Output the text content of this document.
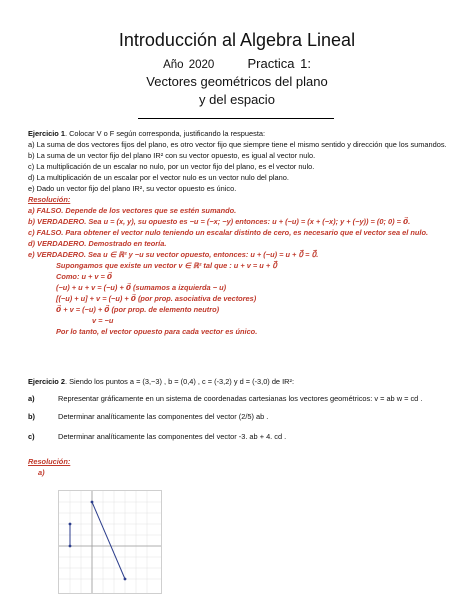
Introducción al Algebra Lineal
Año 2020	Practica 1:
Vectores geométricos del plano
y del espacio

Ejercicio 1. Colocar V o F según corresponda, justificando la respuesta:

a) La suma de dos vectores fijos del plano, es otro vector fijo que siempre tiene el mismo sentido y dirección que los sumandos.

b) La suma de un vector fijo del plano IR² con su vector opuesto, es igual al vector nulo.

c) La multiplicación de un escalar no nulo, por un vector fijo del plano, es el vector nulo.

d) La multiplicación de un escalar por el vector nulo es un vector nulo del plano.

e) Dado un vector fijo del plano IR², su vector opuesto es único.

Resolución:

a) FALSO. Depende de los vectores que se estén sumando.

b) VERDADERO. Sea u = (x, y), su opuesto es −u = (−x; −y) entonces: u + (−u) = (x + (−x); y + (−y)) = (0; 0) = 0⃗.

c) FALSO. Para obtener el vector nulo teniendo un escalar distinto de cero, es necesario que el vector sea el nulo.

d) VERDADERO. Demostrado en teoría.

e) VERDADERO. Sea u ∈ ℝ² y −u su vector opuesto, entonces: u + (−u) = u + 0⃗ = 0⃗.

Supongamos que existe un vector v ∈ ℝ² tal que : u + v = u + 0⃗

Como: u + v = 0⃗

(−u) + u + v = (−u) + 0⃗ (sumamos a izquierda − u)

[(−u) + u] + v = (−u) + 0⃗ (por prop. asociativa de vectores)

0⃗ + v = (−u) + 0⃗ (por prop. de elemento neutro)

v = −u

Por lo tanto, el vector opuesto para cada vector es único.

Ejercicio 2. Siendo los puntos a = (3,−3) , b = (0,4) , c = (-3,2) y d = (-3,0) de IR²:

a)	Representar gráficamente en un sistema de coordenadas cartesianas los vectores geométricos: v = ab w = cd .
b)	Determinar analíticamente las componentes del vector (2/5) ab .
c)	Determinar analíticamente las componentes del vector -3. ab + 4. cd .

Resolución:

a)
